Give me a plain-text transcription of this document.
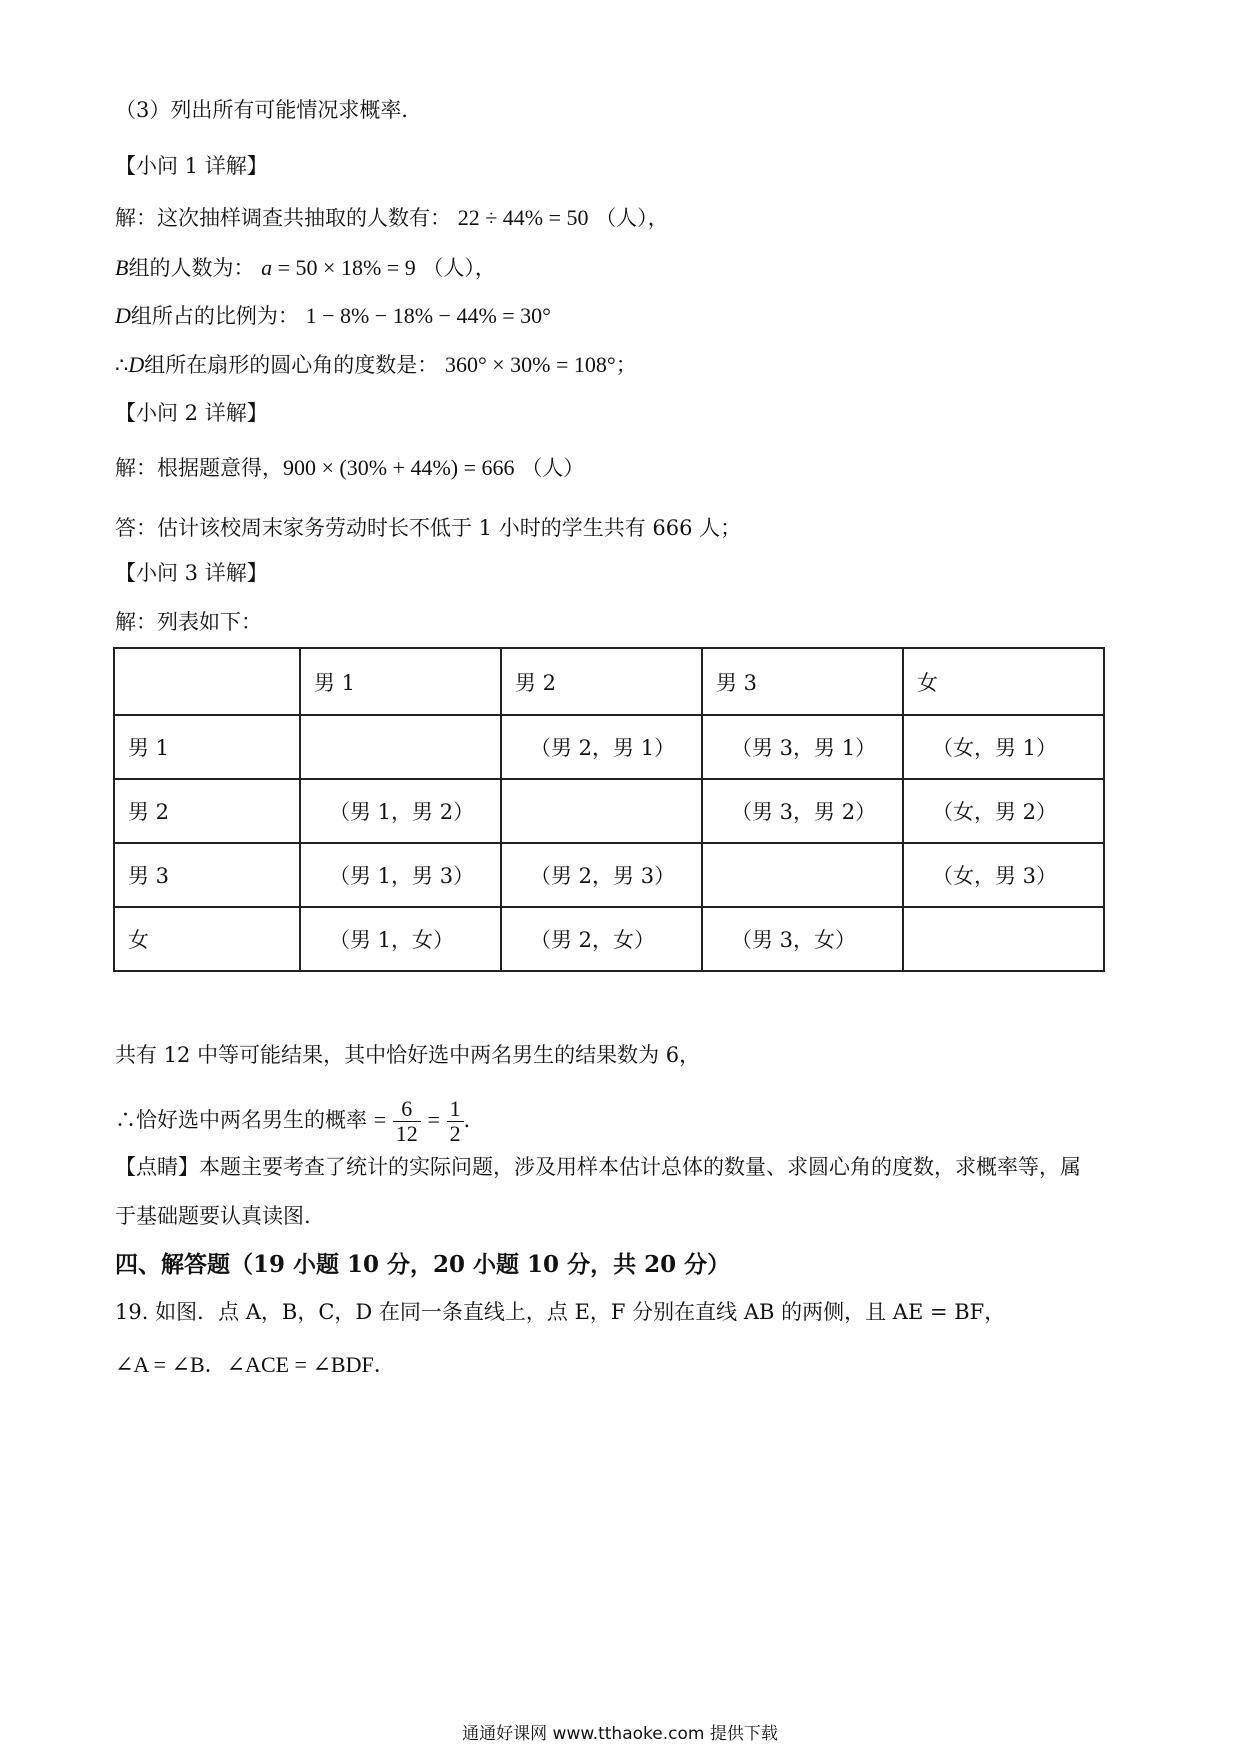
（3）列出所有可能情况求概率．
【小问 1 详解】
解：这次抽样调查共抽取的人数有： 22 ÷ 44% = 50 （人），
B组的人数为： a = 50 × 18% = 9 （人），
D组所占的比例为： 1 − 8% − 18% − 44% = 30°
∴D组所在扇形的圆心角的度数是： 360° × 30% = 108°；
【小问 2 详解】
解：根据题意得，900 × (30% + 44%) = 666 （人）
答：估计该校周末家务劳动时长不低于 1 小时的学生共有 666 人；
【小问 3 详解】
解：列表如下：
	男 1	男 2	男 3	女
男 1		（男 2，男 1）	（男 3，男 1）	（女，男 1）
男 2	（男 1，男 2）		（男 3，男 2）	（女，男 2）
男 3	（男 1，男 3）	（男 2，男 3）		（女，男 3）
女	（男 1，女）	（男 2，女）	（男 3，女）	
共有 12 中等可能结果，其中恰好选中两名男生的结果数为 6，
∴恰好选中两名男生的概率 = $\frac{6}{12} = \frac{1}{2}$ ．
【点睛】本题主要考查了统计的实际问题，涉及用样本估计总体的数量、求圆心角的度数，求概率等，属
于基础题要认真读图.
四、解答题（19 小题 10 分，20 小题 10 分，共 20 分）
19. 如图．点 A，B，C，D 在同一条直线上，点 E，F 分别在直线 AB 的两侧，且 AE = BF，
∠A = ∠B．∠ACE = ∠BDF．
通通好课网 www.tthaoke.com 提供下载
